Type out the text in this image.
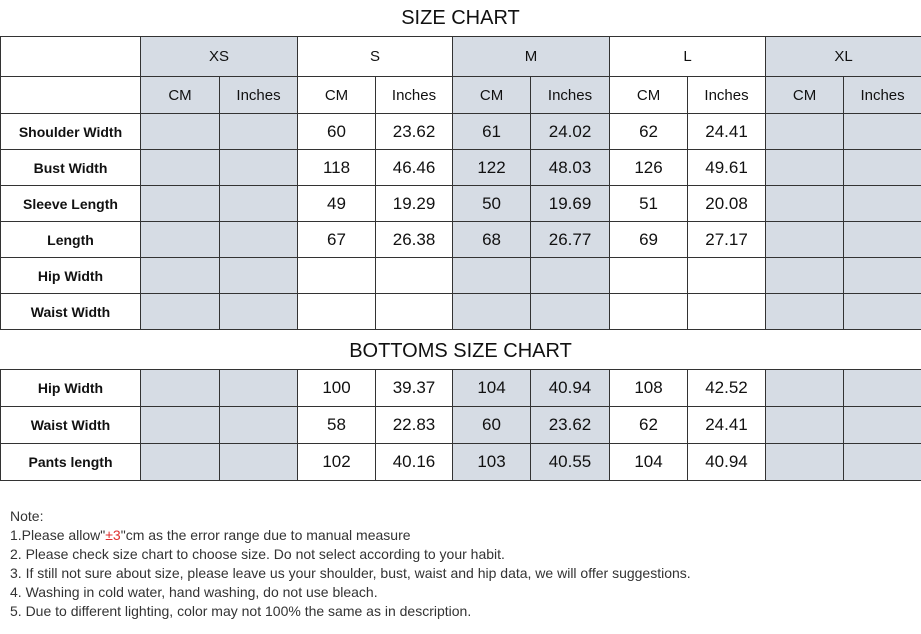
SIZE CHART
	XS		S		M		L		XL	
	CM	Inches	CM	Inches	CM	Inches	CM	Inches	CM	Inches
Shoulder Width			60	23.62	61	24.02	62	24.41		
Bust Width			118	46.46	122	48.03	126	49.61		
Sleeve Length			49	19.29	50	19.69	51	20.08		
Length			67	26.38	68	26.77	69	27.17		
Hip Width										
Waist Width										
BOTTOMS SIZE CHART
Hip Width			100	39.37	104	40.94	108	42.52		
Waist Width			58	22.83	60	23.62	62	24.41		
Pants length			102	40.16	103	40.55	104	40.94		
Note:
1.Please allow"±3"cm as the error range due to manual measure
2. Please check size chart to choose size. Do not select according to your habit.
3. If still not sure about size, please leave us your shoulder, bust, waist and hip data, we will offer suggestions.
4. Washing in cold water, hand washing, do not use bleach.
5. Due to different lighting, color may not 100% the same as in description.
